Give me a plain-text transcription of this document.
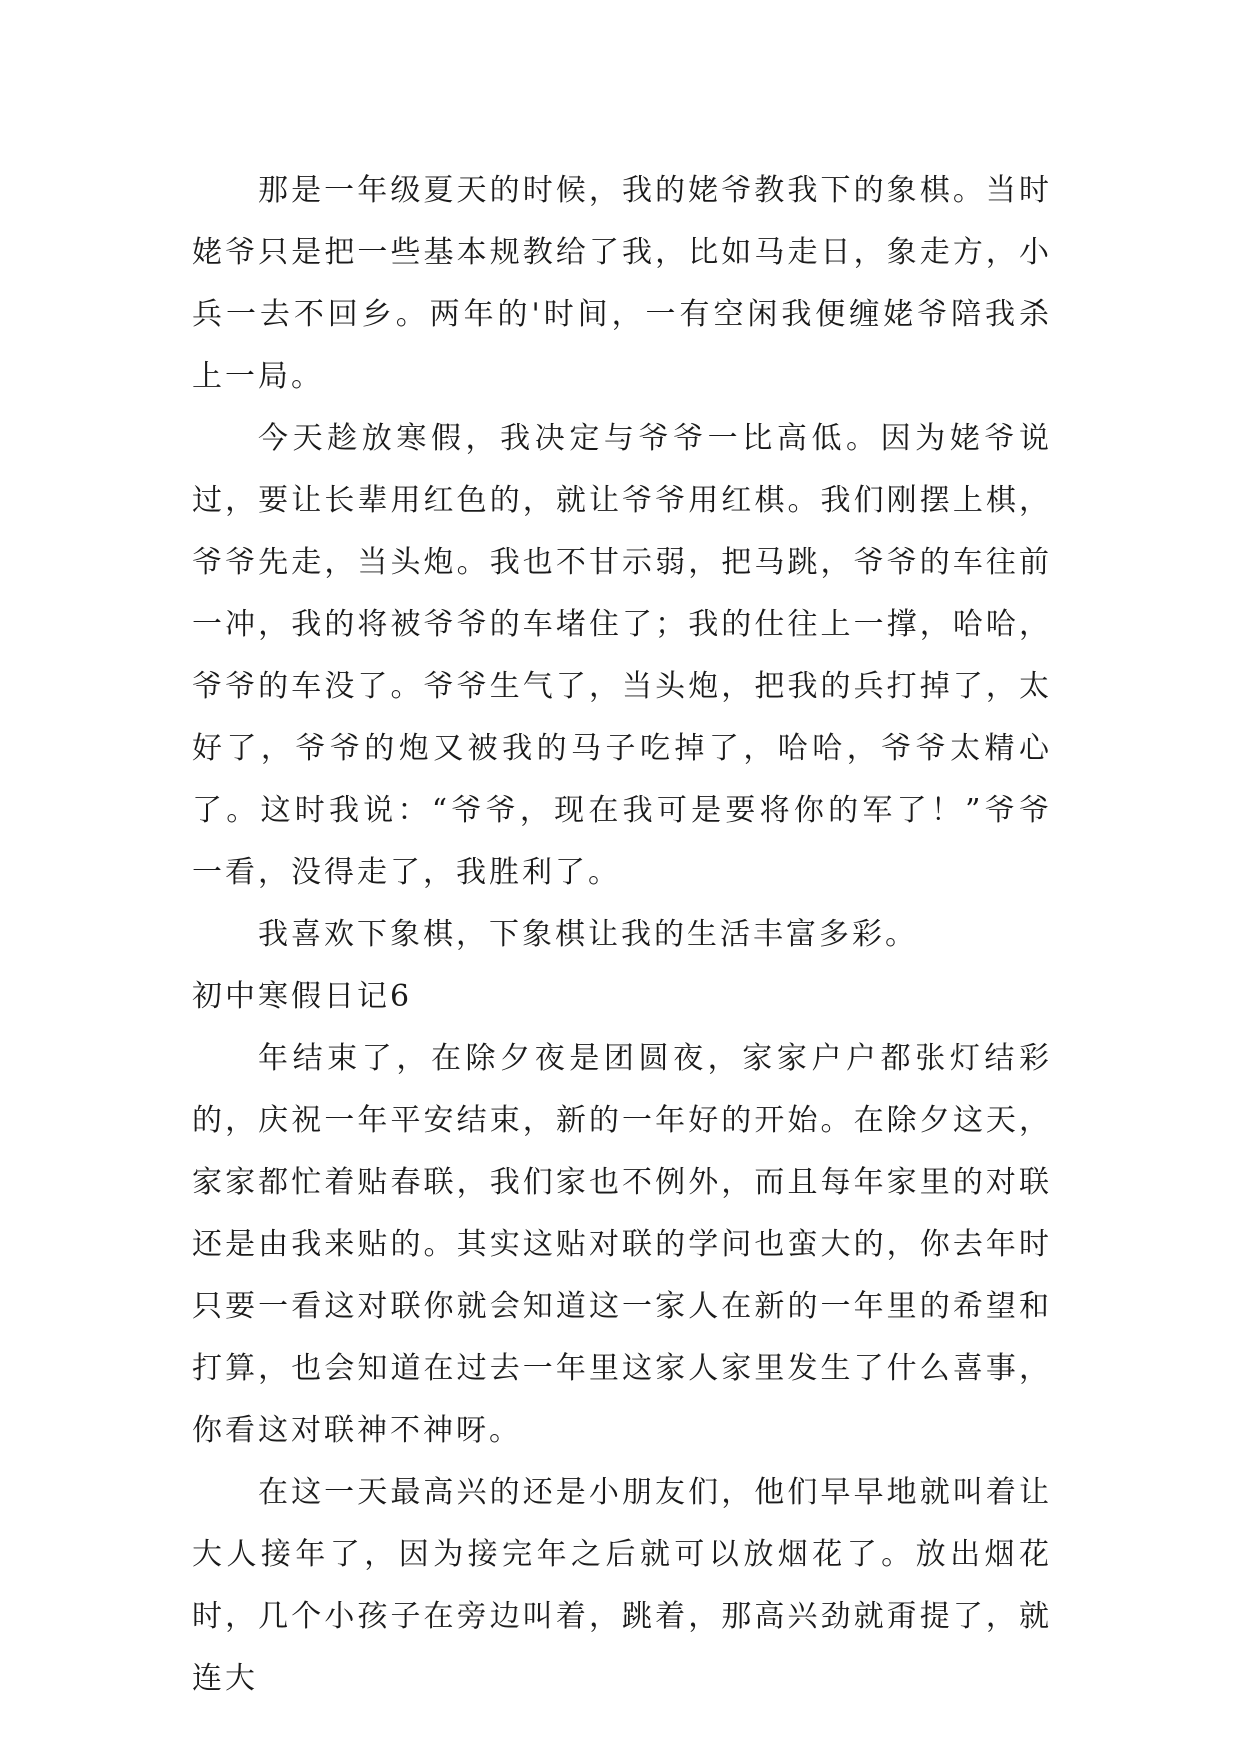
那是一年级夏天的时候，我的姥爷教我下的象棋。当时姥爷只是把一些基本规教给了我，比如马走日，象走方，小兵一去不回乡。两年的'时间，一有空闲我便缠姥爷陪我杀上一局。

今天趁放寒假，我决定与爷爷一比高低。因为姥爷说过，要让长辈用红色的，就让爷爷用红棋。我们刚摆上棋，爷爷先走，当头炮。我也不甘示弱，把马跳，爷爷的车往前一冲，我的将被爷爷的车堵住了；我的仕往上一撑，哈哈，爷爷的车没了。爷爷生气了，当头炮，把我的兵打掉了，太好了，爷爷的炮又被我的马子吃掉了，哈哈，爷爷太精心了。这时我说：“爷爷，现在我可是要将你的军了！”爷爷一看，没得走了，我胜利了。

我喜欢下象棋，下象棋让我的生活丰富多彩。

初中寒假日记6

年结束了，在除夕夜是团圆夜，家家户户都张灯结彩的，庆祝一年平安结束，新的一年好的开始。在除夕这天，家家都忙着贴春联，我们家也不例外，而且每年家里的对联还是由我来贴的。其实这贴对联的学问也蛮大的，你去年时只要一看这对联你就会知道这一家人在新的一年里的希望和打算，也会知道在过去一年里这家人家里发生了什么喜事，你看这对联神不神呀。

在这一天最高兴的还是小朋友们，他们早早地就叫着让大人接年了，因为接完年之后就可以放烟花了。放出烟花时，几个小孩子在旁边叫着，跳着，那高兴劲就甭提了，就连大
